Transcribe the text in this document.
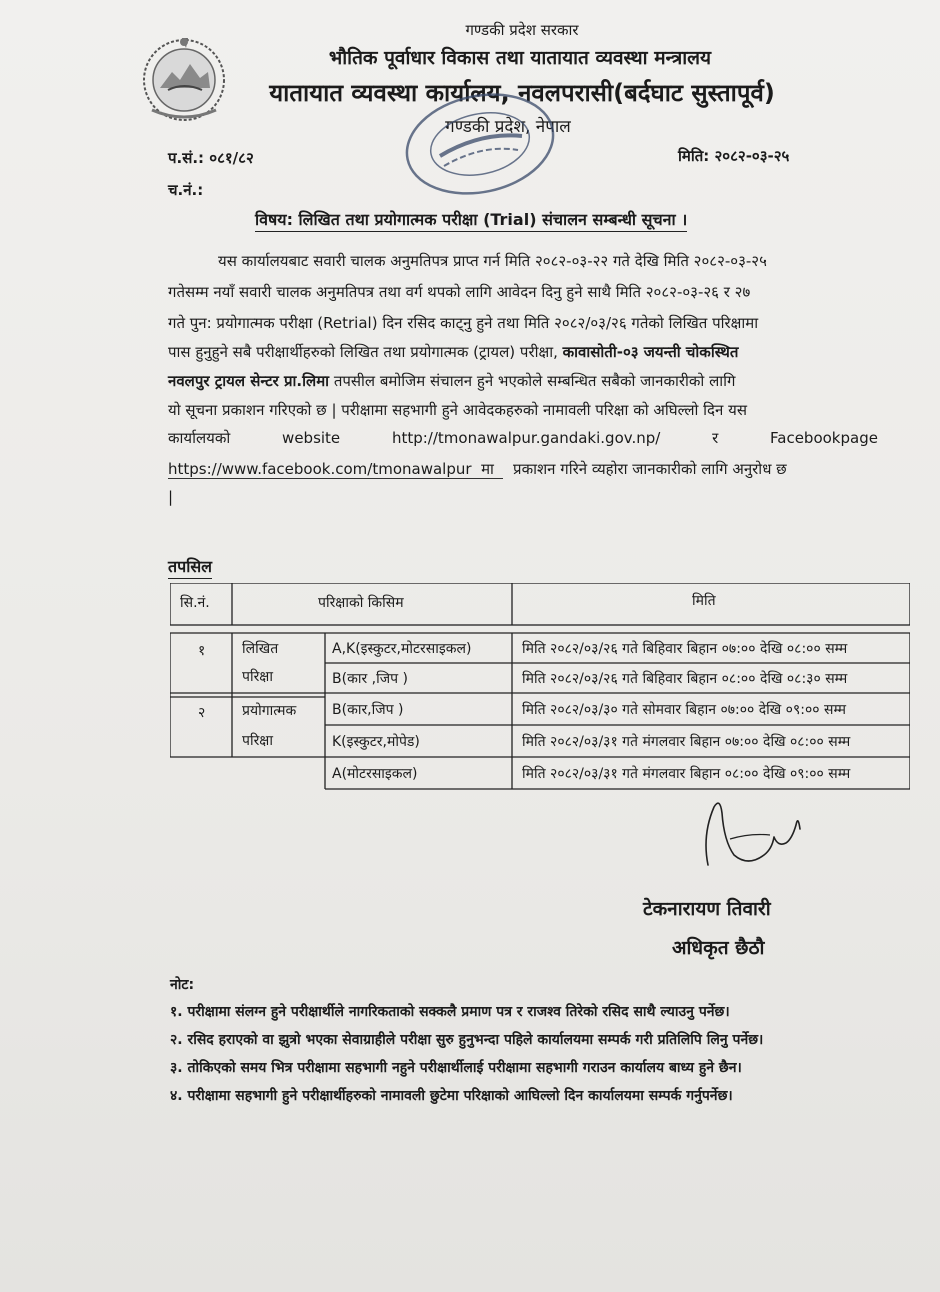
गण्डकी प्रदेश सरकार
भौतिक पूर्वाधार विकास तथा यातायात व्यवस्था मन्त्रालय
यातायात व्यवस्था कार्यालय, नवलपरासी(बर्दघाट सुस्तापूर्व)
गण्डकी प्रदेश, नेपाल
प.सं.: ०८१/८२
च.नं.:
मिति: २०८२-०३-२५
विषय: लिखित तथा प्रयोगात्मक परीक्षा (Trial) संचालन सम्बन्धी सूचना ।
यस कार्यालयबाट सवारी चालक अनुमतिपत्र प्राप्त गर्न मिति २०८२-०३-२२ गते देखि मिति २०८२-०३-२५
गतेसम्म नयाँ सवारी चालक अनुमतिपत्र तथा वर्ग थपको लागि आवेदन दिनु हुने साथै मिति २०८२-०३-२६ र २७
गते पुन: प्रयोगात्मक परीक्षा (Retrial) दिन रसिद काट्नु हुने तथा मिति २०८२/०३/२६ गतेको लिखित परिक्षामा
पास हुनुहुने सबै परीक्षार्थीहरुको लिखित तथा प्रयोगात्मक (ट्रायल) परीक्षा, कावासोती-०३ जयन्ती चोकस्थित
नवलपुर ट्रायल सेन्टर प्रा.लिमा तपसील बमोजिम संचालन हुने भएकोले सम्बन्धित सबैको जानकारीको लागि
यो सूचना प्रकाशन गरिएको छ | परीक्षामा सहभागी हुने आवेदकहरुको नामावली परिक्षा को अघिल्लो दिन यस
कार्यालयको	website	http://tmonawalpur.gandaki.gov.np/	र	Facebookpage
https://www.facebook.com/tmonawalpur मा प्रकाशन गरिने व्यहोरा जानकारीको लागि अनुरोध छ
|
तपसिल
सि.नं.	परिक्षाको किसिम	मिति
१	लिखित
परिक्षा
A,K(इस्कुटर,मोटरसाइकल)	मिति २०८२/०३/२६ गते बिहिवार बिहान ०७:०० देखि ०८:०० सम्म
B(कार ,जिप )	मिति २०८२/०३/२६ गते बिहिवार बिहान ०८:०० देखि ०८:३० सम्म
२	प्रयोगात्मक
परिक्षा
B(कार,जिप )	मिति २०८२/०३/३० गते सोमवार बिहान ०७:०० देखि ०९:०० सम्म
K(इस्कुटर,मोपेड)	मिति २०८२/०३/३१ गते मंगलवार बिहान ०७:०० देखि ०८:०० सम्म
A(मोटरसाइकल)	मिति २०८२/०३/३१ गते मंगलवार बिहान ०८:०० देखि ०९:०० सम्म
टेकनारायण तिवारी
अधिकृत छैठौ
नोट:
१. परीक्षामा संलग्न हुने परीक्षार्थीले नागरिकताको सक्कलै प्रमाण पत्र र राजश्व तिरेको रसिद साथै ल्याउनु पर्नेछ।
२. रसिद हराएको वा झुत्रो भएका सेवाग्राहीले परीक्षा सुरु हुनुभन्दा पहिले कार्यालयमा सम्पर्क गरी प्रतिलिपि लिनु पर्नेछ।
३. तोकिएको समय भित्र परीक्षामा सहभागी नहुने परीक्षार्थीलाई परीक्षामा सहभागी गराउन कार्यालय बाध्य हुने छैन।
४. परीक्षामा सहभागी हुने परीक्षार्थीहरुको नामावली छुटेमा परिक्षाको आघिल्लो दिन कार्यालयमा सम्पर्क गर्नुपर्नेछ।
